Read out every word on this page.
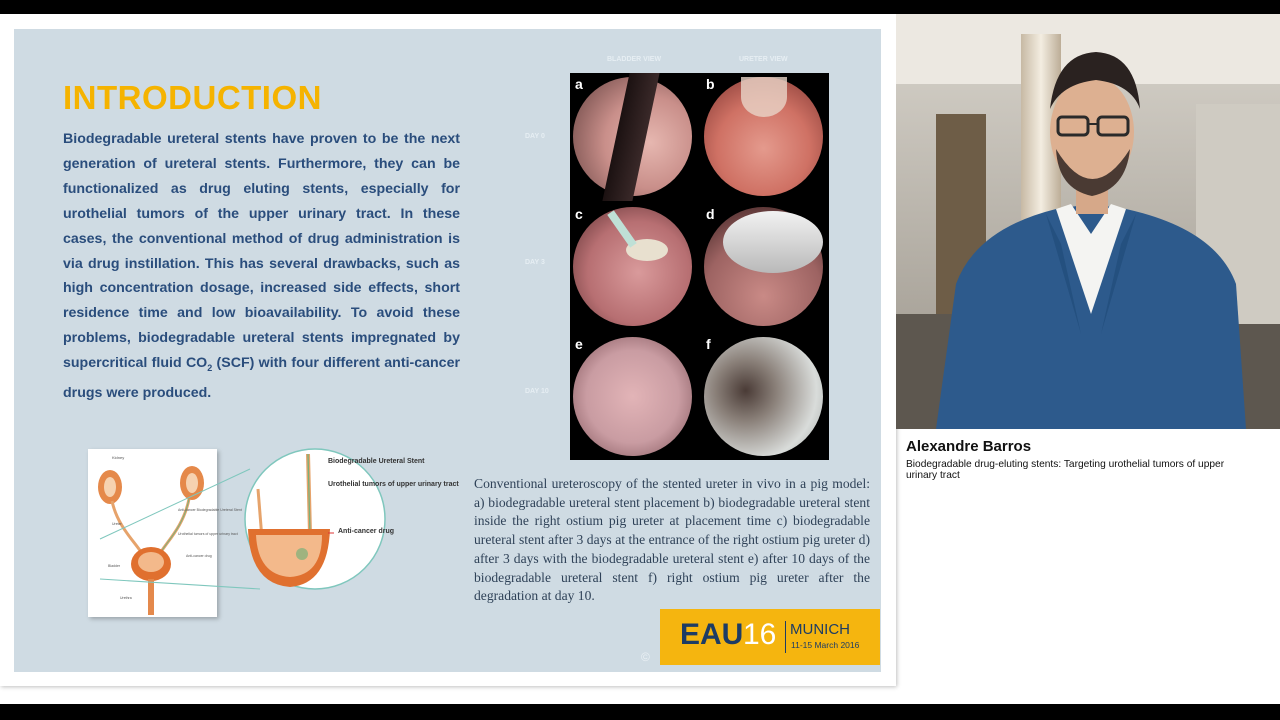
INTRODUCTION

Biodegradable ureteral stents have proven to be the next generation of ureteral stents. Furthermore, they can be functionalized as drug eluting stents, especially for urothelial tumors of the upper urinary tract. In these cases, the conventional method of drug administration is via drug instillation. This has several drawbacks, such as high concentration dosage, increased side effects, short residence time and low bioavailability. To avoid these problems, biodegradable ureteral stents impregnated by supercritical fluid $CO_2$ (SCF) with four different anti-cancer drugs were produced.

BLADDER VIEW	URETER VIEW
DAY 0
DAY 3
DAY 10
a	b
c	d
e	f

Conventional ureteroscopy of the stented ureter in vivo in a pig model: a) biodegradable ureteral stent placement b) biodegradable ureteral stent inside the right ostium pig ureter at placement time c) biodegradable ureteral stent after 3 days at the entrance of the right ostium pig ureter d) after 3 days with the biodegradable ureteral stent e) after 10 days of the biodegradable ureteral stent f) right ostium pig ureter after the degradation at day 10.

Kidney
Anti-cancer Biodegradable Ureteral Stent
Ureter
Urothelial tumors of upper urinary tract
Bladder
Anti-cancer drug
Urethra
Biodegradable Ureteral Stent
Urothelial tumors of upper urinary tract
Anti-cancer drug
©
EAU 16 MUNICH
11-15 March 2016
Alexandre Barros
Biodegradable drug-eluting stents: Targeting urothelial tumors of upper urinary tract
